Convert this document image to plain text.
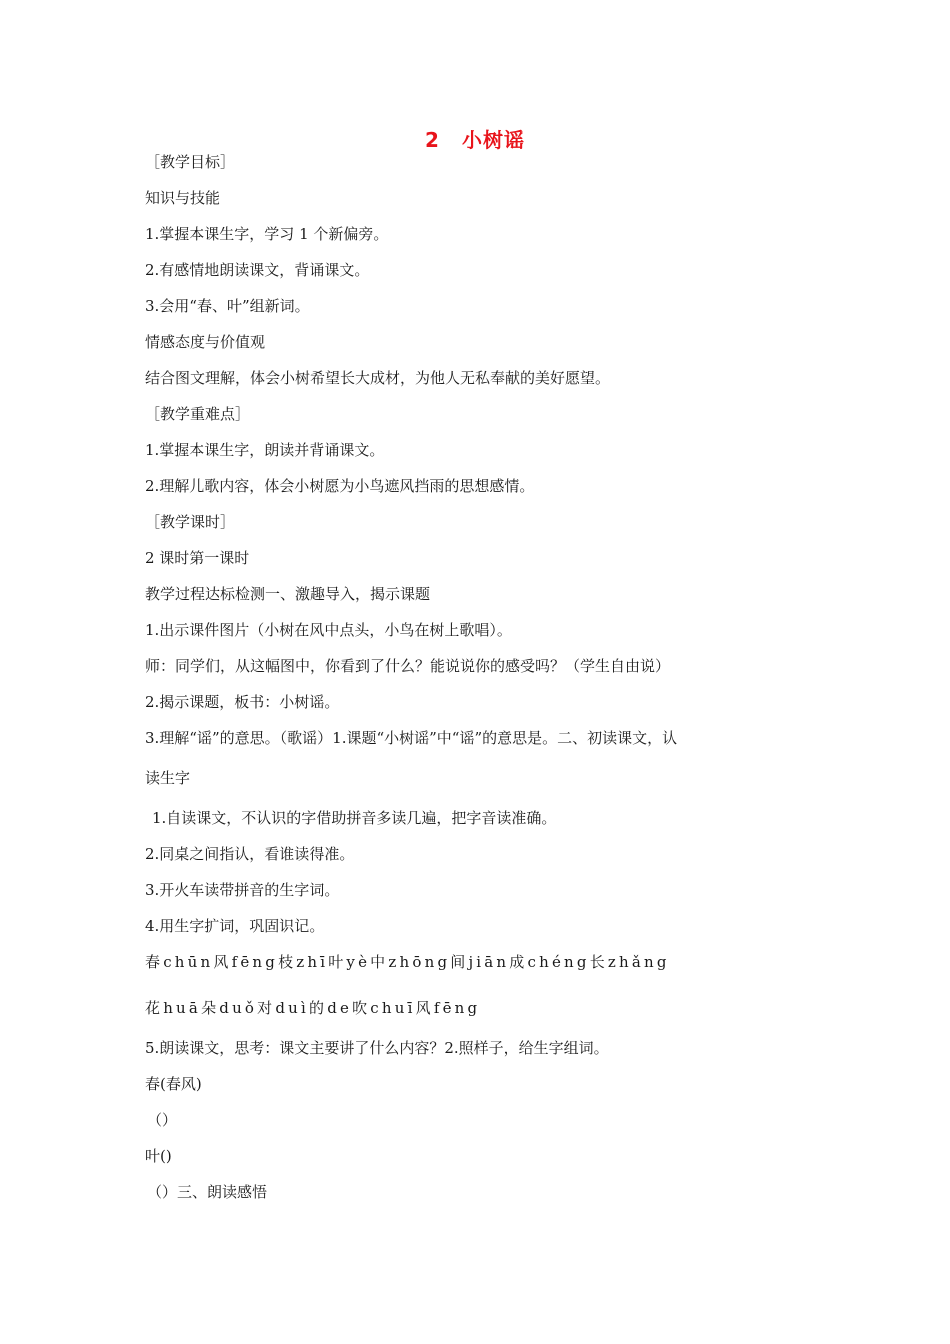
2 小树谣
［教学目标］
知识与技能
1.掌握本课生字，学习 1 个新偏旁。
2.有感情地朗读课文，背诵课文。
3.会用“春、叶”组新词。
情感态度与价值观
结合图文理解，体会小树希望长大成材，为他人无私奉献的美好愿望。
［教学重难点］
1.掌握本课生字，朗读并背诵课文。
2.理解儿歌内容，体会小树愿为小鸟遮风挡雨的思想感情。
［教学课时］
2 课时第一课时
教学过程达标检测一、激趣导入，揭示课题
1.出示课件图片（小树在风中点头，小鸟在树上歌唱）。
师：同学们，从这幅图中，你看到了什么？能说说你的感受吗？（学生自由说）
2.揭示课题，板书：小树谣。
3.理解“谣”的意思。（歌谣）1.课题“小树谣”中“谣”的意思是。二、初读课文，认
读生字
1.自读课文，不认识的字借助拼音多读几遍，把字音读准确。
2.同桌之间指认，看谁读得准。
3.开火车读带拼音的生字词。
4.用生字扩词，巩固识记。
春chūn风fēng枝zhī叶yè中zhōng间jiān成chéng长zhǎng
花huā朵duǒ对duì的de吹chuī风fēng
5.朗读课文，思考：课文主要讲了什么内容？2.照样子，给生字组词。
春(春风)
（）
叶()
（）三、朗读感悟
